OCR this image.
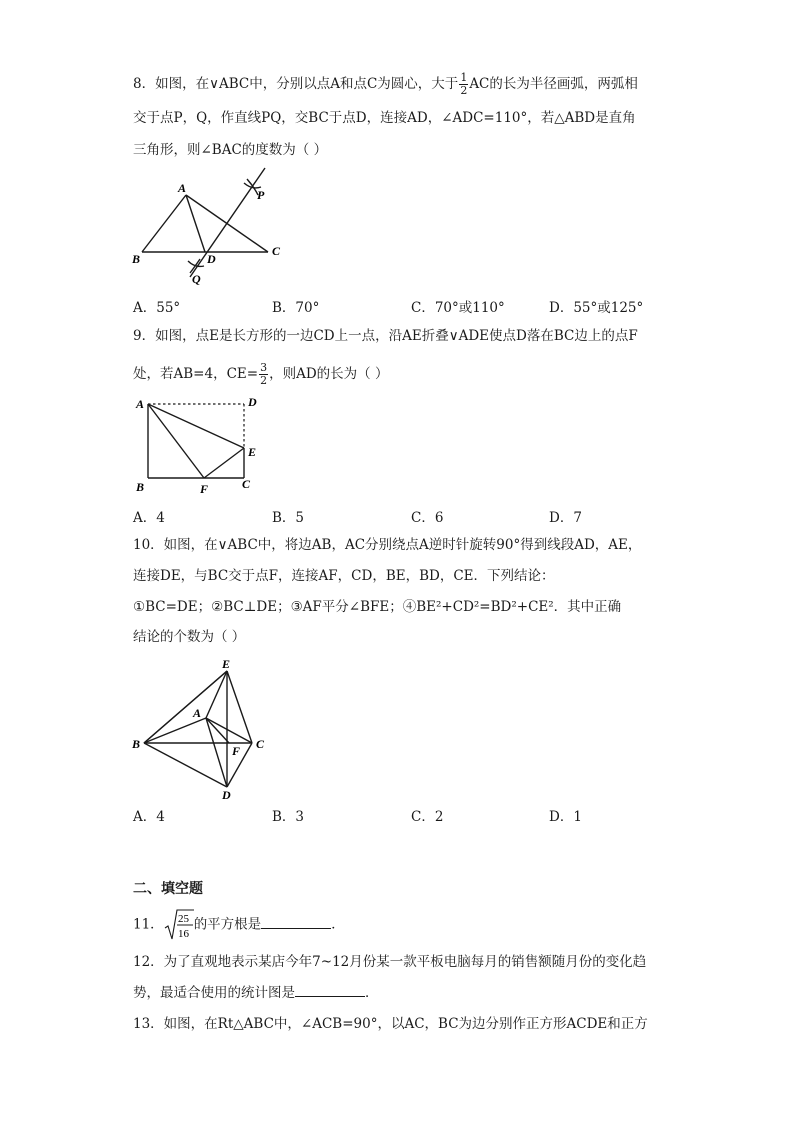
8．如图，在∨ABC中，分别以点A和点C为圆心，大于 $\frac{1}{2}$ AC的长为半径画弧，两弧相
交于点P，Q，作直线PQ，交BC于点D，连接AD，∠ADC=110°，若△ABD是直角
三角形，则∠BAC的度数为（ ）
A
B
C
D
P
Q
A．55°	B．70°	C．70°或110°	D．55°或125°
9．如图，点E是长方形的一边CD上一点，沿AE折叠∨ADE使点D落在BC边上的点F
处，若AB=4，$CE= \frac{3}{2}$ ，则AD的长为（ ）
A	D
E
B	F	C
A．4	B．5	C．6	D．7
10．如图，在∨ABC中，将边AB，AC分别绕点A逆时针旋转90°得到线段AD，AE，
连接DE，与BC交于点F，连接AF，CD，BE，BD，CE．下列结论：
①BC=DE；②BC⊥DE；③AF平分∠BFE；④BE²+CD²=BD²+CE²．其中正确
结论的个数为（ ）
E
A
B	C
F
D
A．4	B．3	C．2	D．1
二、填空题
11． 25
16
的平方根是	．
12．为了直观地表示某店今年7~12月份某一款平板电脑每月的销售额随月份的变化趋
势，最适合使用的统计图是	．
13．如图，在Rt△ABC中，∠ACB=90°，以AC，BC为边分别作正方形ACDE和正方
